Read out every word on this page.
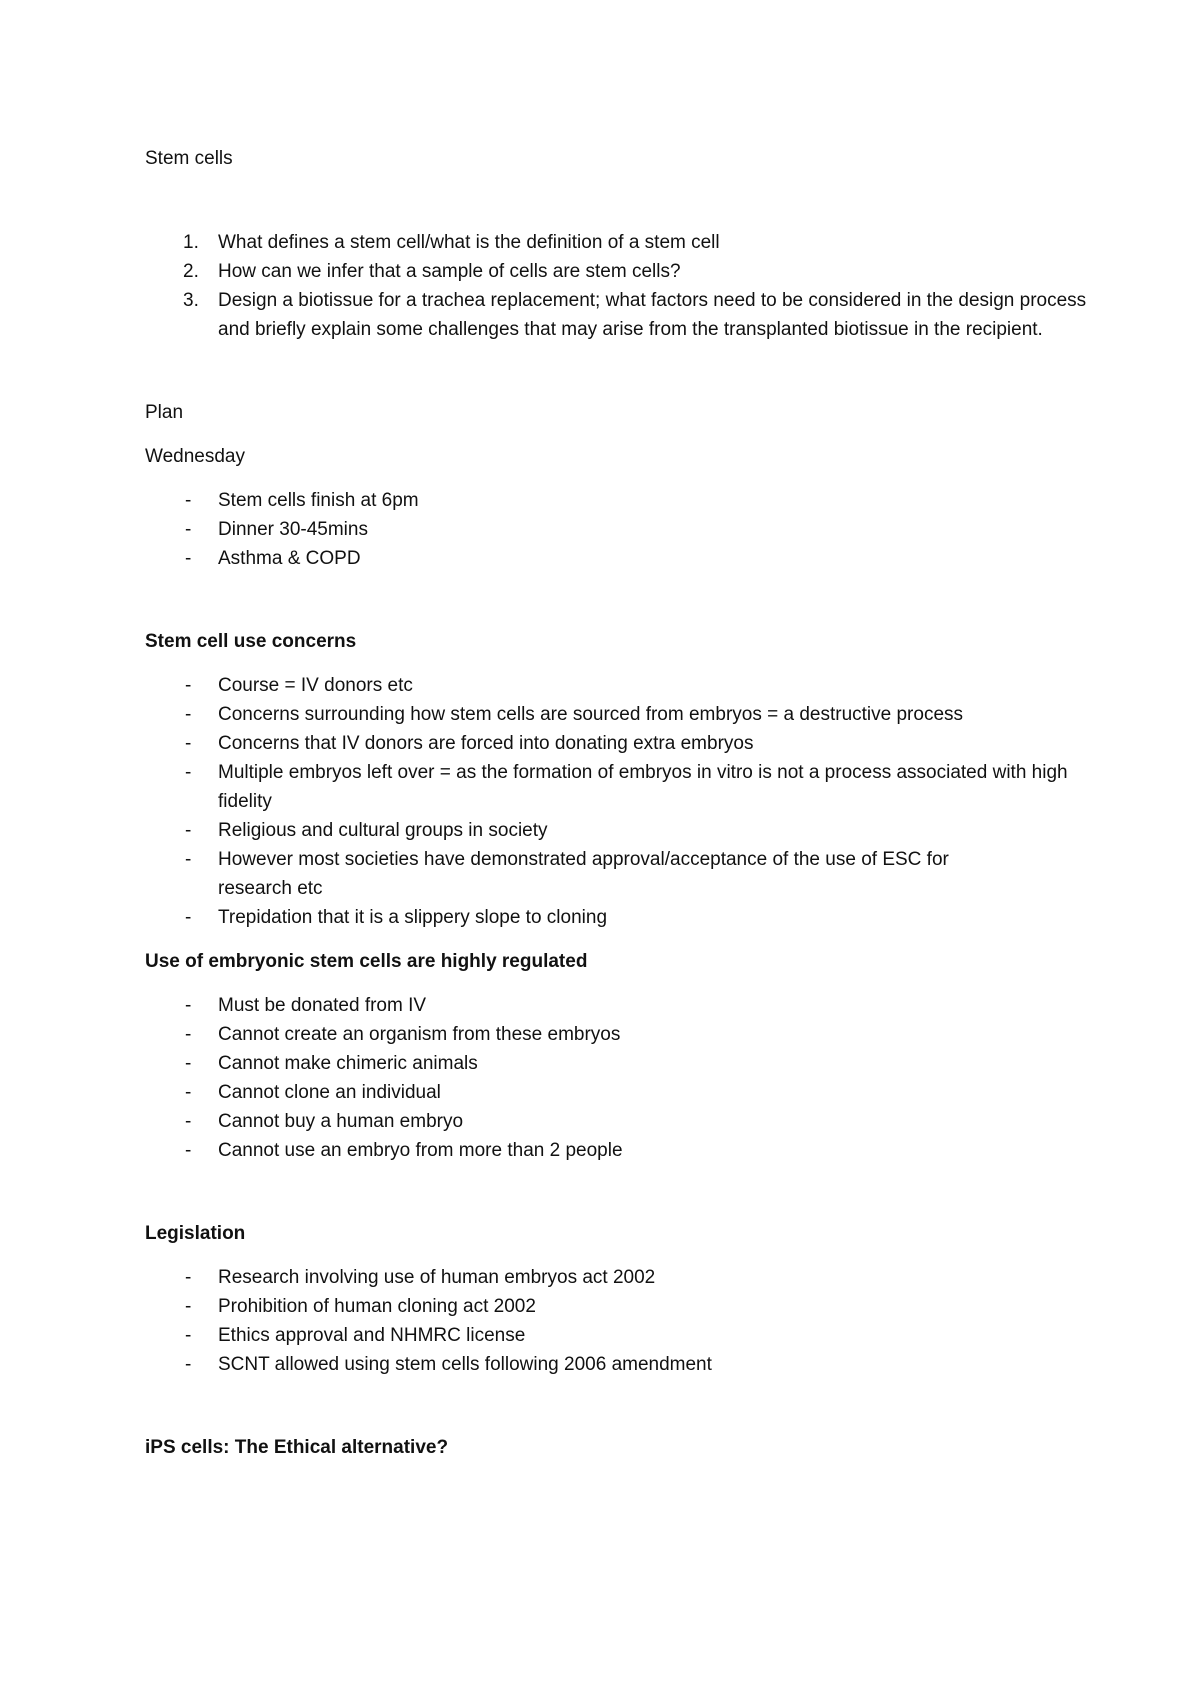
Stem cells

1. What defines a stem cell/what is the definition of a stem cell
2. How can we infer that a sample of cells are stem cells?
3. Design a biotissue for a trachea replacement; what factors need to be considered in the design process and briefly explain some challenges that may arise from the transplanted biotissue in the recipient.

Plan

Wednesday

- Stem cells finish at 6pm
- Dinner 30-45mins
- Asthma & COPD

Stem cell use concerns

- Course = IV donors etc
- Concerns surrounding how stem cells are sourced from embryos = a destructive process
- Concerns that IV donors are forced into donating extra embryos
- Multiple embryos left over = as the formation of embryos in vitro is not a process associated with high fidelity
- Religious and cultural groups in society
- However most societies have demonstrated approval/acceptance of the use of ESC for research etc
- Trepidation that it is a slippery slope to cloning

Use of embryonic stem cells are highly regulated

- Must be donated from IV
- Cannot create an organism from these embryos
- Cannot make chimeric animals
- Cannot clone an individual
- Cannot buy a human embryo
- Cannot use an embryo from more than 2 people

Legislation

- Research involving use of human embryos act 2002
- Prohibition of human cloning act 2002
- Ethics approval and NHMRC license
- SCNT allowed using stem cells following 2006 amendment

iPS cells: The Ethical alternative?
